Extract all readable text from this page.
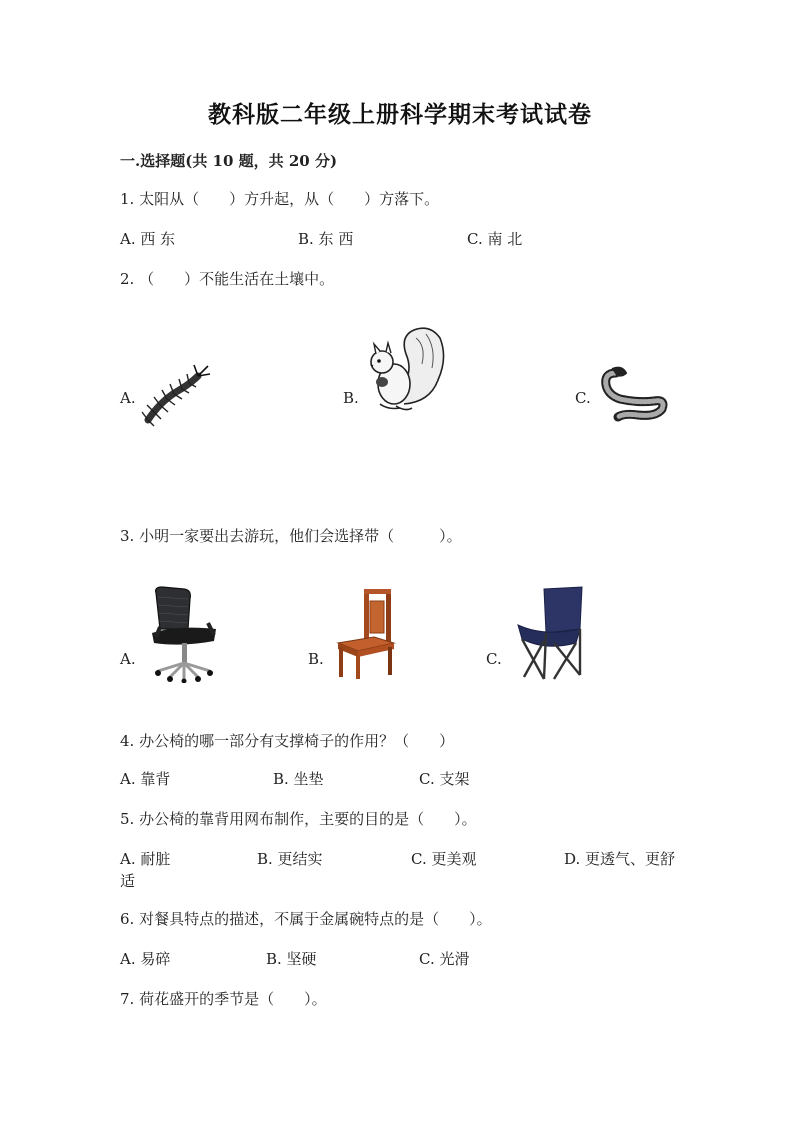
教科版二年级上册科学期末考试试卷
一.选择题(共 10 题，共 20 分)
1. 太阳从（　　）方升起，从（　　）方落下。
A. 西 东	B. 东 西	C. 南 北
2. （　　）不能生活在土壤中。
A.	B.	C.
3. 小明一家要出去游玩，他们会选择带（　　　）。
A.	B.	C.
4. 办公椅的哪一部分有支撑椅子的作用？（　　）
A. 靠背	B. 坐垫	C. 支架
5. 办公椅的靠背用网布制作，主要的目的是（　　）。
A. 耐脏	B. 更结实	C. 更美观	D. 更透气、更舒
适
6. 对餐具特点的描述，不属于金属碗特点的是（　　）。
A. 易碎	B. 坚硬	C. 光滑
7. 荷花盛开的季节是（　　）。
